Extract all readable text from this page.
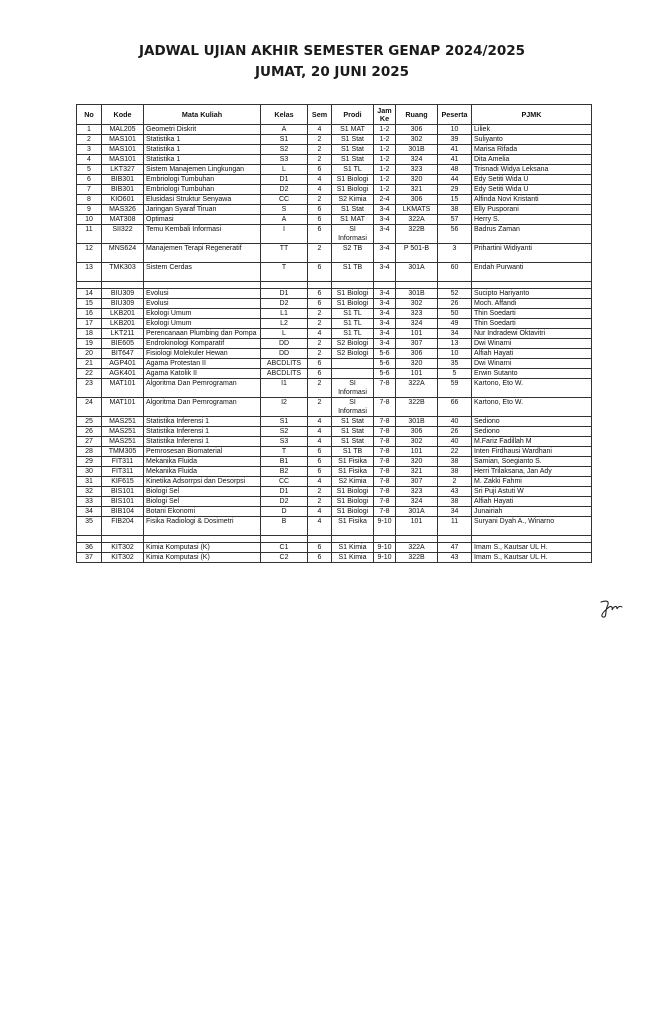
JADWAL UJIAN AKHIR SEMESTER GENAP 2024/2025
JUMAT, 20 JUNI 2025
No	Kode	Mata Kuliah	Kelas	Sem	Prodi	Jam Ke	Ruang	Peserta	PJMK
1	MAL205	Geometri Diskrit	A	4	S1 MAT	1-2	306	10	Liliek
2	MAS101	Statistika 1	S1	2	S1 Stat	1-2	302	39	Suliyanto
3	MAS101	Statistika 1	S2	2	S1 Stat	1-2	301B	41	Marisa Rifada
4	MAS101	Statistika 1	S3	2	S1 Stat	1-2	324	41	Dita Amelia
5	LKT327	Sistem Manajemen Lingkungan	L	6	S1 TL	1-2	323	48	Trisnadi Widya Leksana
6	BIB301	Embriologi Tumbuhan	D1	4	S1 Biologi	1-2	320	44	Edy Setiti Wida U
7	BIB301	Embriologi Tumbuhan	D2	4	S1 Biologi	1-2	321	29	Edy Setiti Wida U
8	KIO601	Elusidasi Struktur Senyawa	CC	2	S2 Kimia	2-4	306	15	Alfinda Novi Kristanti
9	MAS326	Jaringan Syaraf Tiruan	S	6	S1 Stat	3-4	LKMATS	38	Elly Pusporani
10	MAT308	Optimasi	A	6	S1 MAT	3-4	322A	57	Herry S.
11	SII322	Temu Kembali Informasi	I	6	SI Informasi	3-4	322B	56	Badrus Zaman
12	MNS624	Manajemen Terapi Regeneratif	TT	2	S2 TB	3-4	P 501-B	3	Prihartini Widiyanti
13	TMK303	Sistem Cerdas	T	6	S1 TB	3-4	301A	60	Endah Purwanti

14	BIU309	Evolusi	D1	6	S1 Biologi	3-4	301B	52	Sucipto Hariyanto
15	BIU309	Evolusi	D2	6	S1 Biologi	3-4	302	26	Moch. Affandi
16	LKB201	Ekologi Umum	L1	2	S1 TL	3-4	323	50	Thin Soedarti
17	LKB201	Ekologi Umum	L2	2	S1 TL	3-4	324	49	Thin Soedarti
18	LKT211	Perencanaan Plumbing dan Pompa	L	4	S1 TL	3-4	101	34	Nur Indradewi Oktavitri
19	BIE605	Endrokinologi Komparatif	DD	2	S2 Biologi	3-4	307	13	Dwi Winarni
20	BIT647	Fisiologi Molekuler Hewan	DD	2	S2 Biologi	5-6	306	10	Alfiah Hayati
21	AGP401	Agama Protestan II	ABCDLITS	6		5-6	320	35	Dwi Winarni
22	AGK401	Agama Katolik II	ABCDLITS	6		5-6	101	5	Erwin Sutanto
23	MAT101	Algoritma Dan Pemrograman	I1	2	SI Informasi	7-8	322A	59	Kartono, Eto W.
24	MAT101	Algoritma Dan Pemrograman	I2	2	SI Informasi	7-8	322B	66	Kartono, Eto W.
25	MAS251	Statistika Inferensi 1	S1	4	S1 Stat	7-8	301B	40	Sediono
26	MAS251	Statistika Inferensi 1	S2	4	S1 Stat	7-8	306	26	Sediono
27	MAS251	Statistika Inferensi 1	S3	4	S1 Stat	7-8	302	40	M.Fariz Fadillah M
28	TMM305	Pemrosesan Biomaterial	T	6	S1 TB	7-8	101	22	Inten Firdhausi Wardhani
29	FIT311	Mekanika Fluida	B1	6	S1 Fisika	7-8	320	38	Samian, Soegianto S.
30	FIT311	Mekanika Fluida	B2	6	S1 Fisika	7-8	321	38	Herri Trilaksana, Jan Ady
31	KIF615	Kinetika Adsorrpsi dan Desorpsi	CC	4	S2 Kimia	7-8	307	2	M. Zakki Fahmi
32	BIS101	Biologi Sel	D1	2	S1 Biologi	7-8	323	43	Sri Puji Astuti W
33	BIS101	Biologi Sel	D2	2	S1 Biologi	7-8	324	38	Alfiah Hayati
34	BIB104	Botani Ekonomi	D	4	S1 Biologi	7-8	301A	34	Junairiah
35	FIB204	Fisika Radiologi & Dosimetri	B	4	S1 Fisika	9-10	101	11	Suryani Dyah A., Winarno

36	KIT302	Kimia Komputasi (K)	C1	6	S1 Kimia	9-10	322A	47	Imam S., Kautsar UL H.
37	KIT302	Kimia Komputasi (K)	C2	6	S1 Kimia	9-10	322B	43	Imam S., Kautsar UL H.
